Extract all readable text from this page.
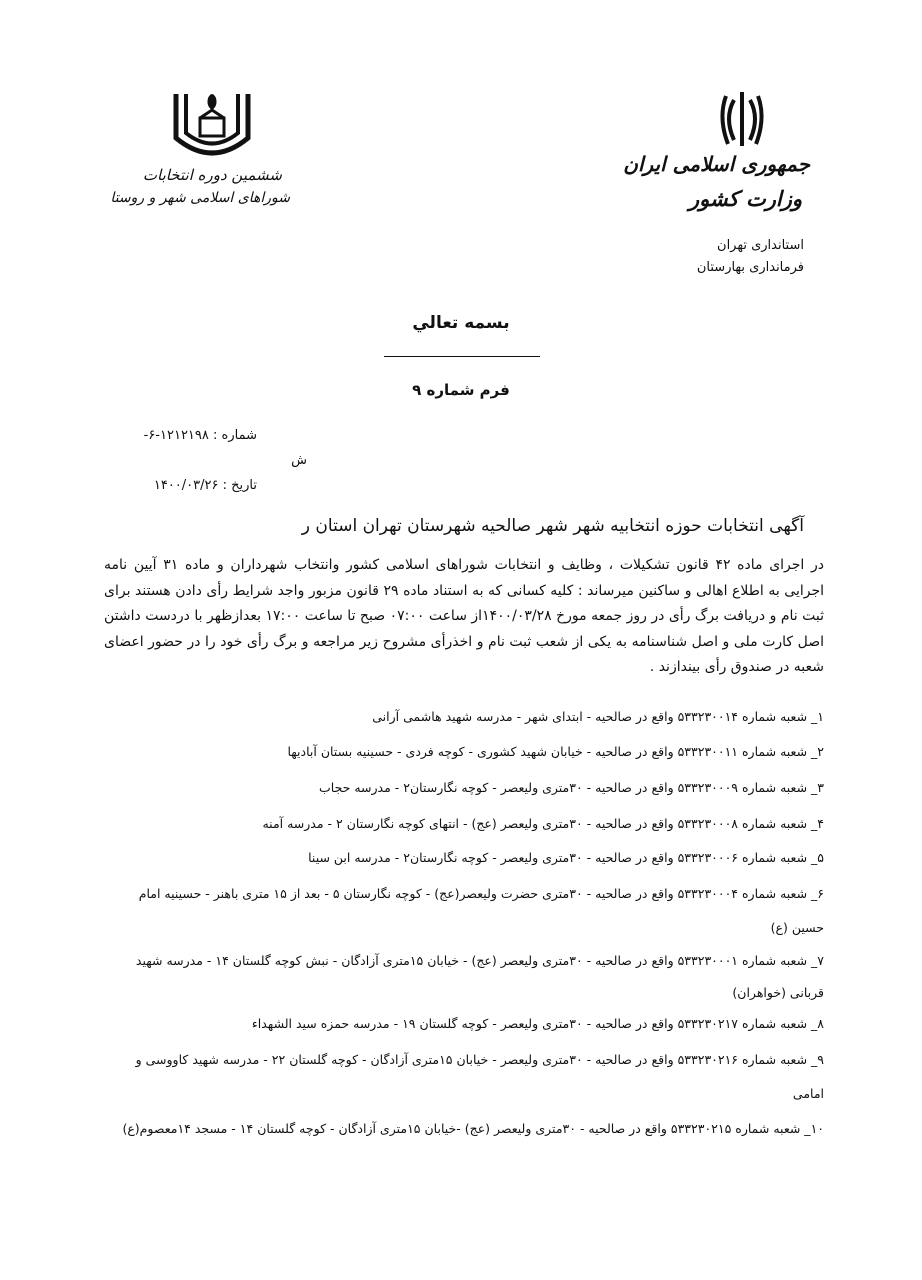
ششمین دوره انتخابات
شوراهای اسلامی شهر و روستا
جمهوری اسلامی ایران
وزارت کشور
استانداری تهران
فرمانداری بهارستان
بسمه تعالي
فرم شماره ۹
شماره : ۱۲۱۲۱۹۸-۶-
ش
تاريخ : ۱۴۰۰/۰۳/۲۶
آگهی انتخابات حوزه انتخابیه شهر شهر صالحیه شهرستان تهران استان ر
در اجرای ماده ۴۲ قانون تشکیلات ، وظایف و انتخابات شوراهای اسلامی کشور وانتخاب شهرداران و ماده ۳۱ آیین نامه اجرایی به اطلاع اهالی و ساکنین میرساند : کلیه کسانی که به استناد ماده ۲۹ قانون مزبور واجد شرایط رأی دادن هستند برای ثبت نام و دریافت برگ رأی در روز جمعه مورخ ۱۴۰۰/۰۳/۲۸از ساعت ۰۷:۰۰ صبح تا ساعت ۱۷:۰۰ بعدازظهر با دردست داشتن اصل کارت ملی و اصل شناسنامه به یکی از شعب ثبت نام و اخذرأی مشروح زیر مراجعه و برگ رأی خود را در حضور اعضای شعبه در صندوق رأی بیندازند .
۱_ شعبه شماره ۵۳۳۲۳۰۰۱۴ واقع در صالحیه - ابتدای شهر - مدرسه شهید هاشمی آرانی
۲_ شعبه شماره ۵۳۳۲۳۰۰۱۱ واقع در صالحیه - خیابان شهید کشوری - کوچه فردی - حسینیه بستان آبادیها
۳_ شعبه شماره ۵۳۳۲۳۰۰۰۹ واقع در صالحیه - ۳۰متری ولیعصر - کوچه نگارستان۲ - مدرسه حجاب
۴_ شعبه شماره ۵۳۳۲۳۰۰۰۸ واقع در صالحیه - ۳۰متری ولیعصر (عج) - انتهای کوچه نگارستان ۲ - مدرسه آمنه
۵_ شعبه شماره ۵۳۳۲۳۰۰۰۶ واقع در صالحیه - ۳۰متری ولیعصر - کوچه نگارستان۲ - مدرسه ابن سینا
۶_ شعبه شماره ۵۳۳۲۳۰۰۰۴ واقع در صالحیه - ۳۰متری حضرت ولیعصر(عج) - کوچه نگارستان ۵ - بعد از ۱۵ متری باهنر - حسینیه امام حسین (ع)
۷_ شعبه شماره ۵۳۳۲۳۰۰۰۱ واقع در صالحیه - ۳۰متری ولیعصر (عج) - خیابان ۱۵متری آزادگان - نبش کوچه گلستان ۱۴ - مدرسه شهید قربانی (خواهران)
۸_ شعبه شماره ۵۳۳۲۳۰۲۱۷ واقع در صالحیه - ۳۰متری ولیعصر - کوچه گلستان ۱۹ - مدرسه حمزه سید الشهداء
۹_ شعبه شماره ۵۳۳۲۳۰۲۱۶ واقع در صالحیه - ۳۰متری ولیعصر - خیابان ۱۵متری آزادگان - کوچه گلستان ۲۲ - مدرسه شهید کاووسی و امامی
۱۰_ شعبه شماره ۵۳۳۲۳۰۲۱۵ واقع در صالحیه - ۳۰متری ولیعصر (عج) -خیابان ۱۵متری آزادگان - کوچه گلستان ۱۴ - مسجد ۱۴معصوم(ع)
